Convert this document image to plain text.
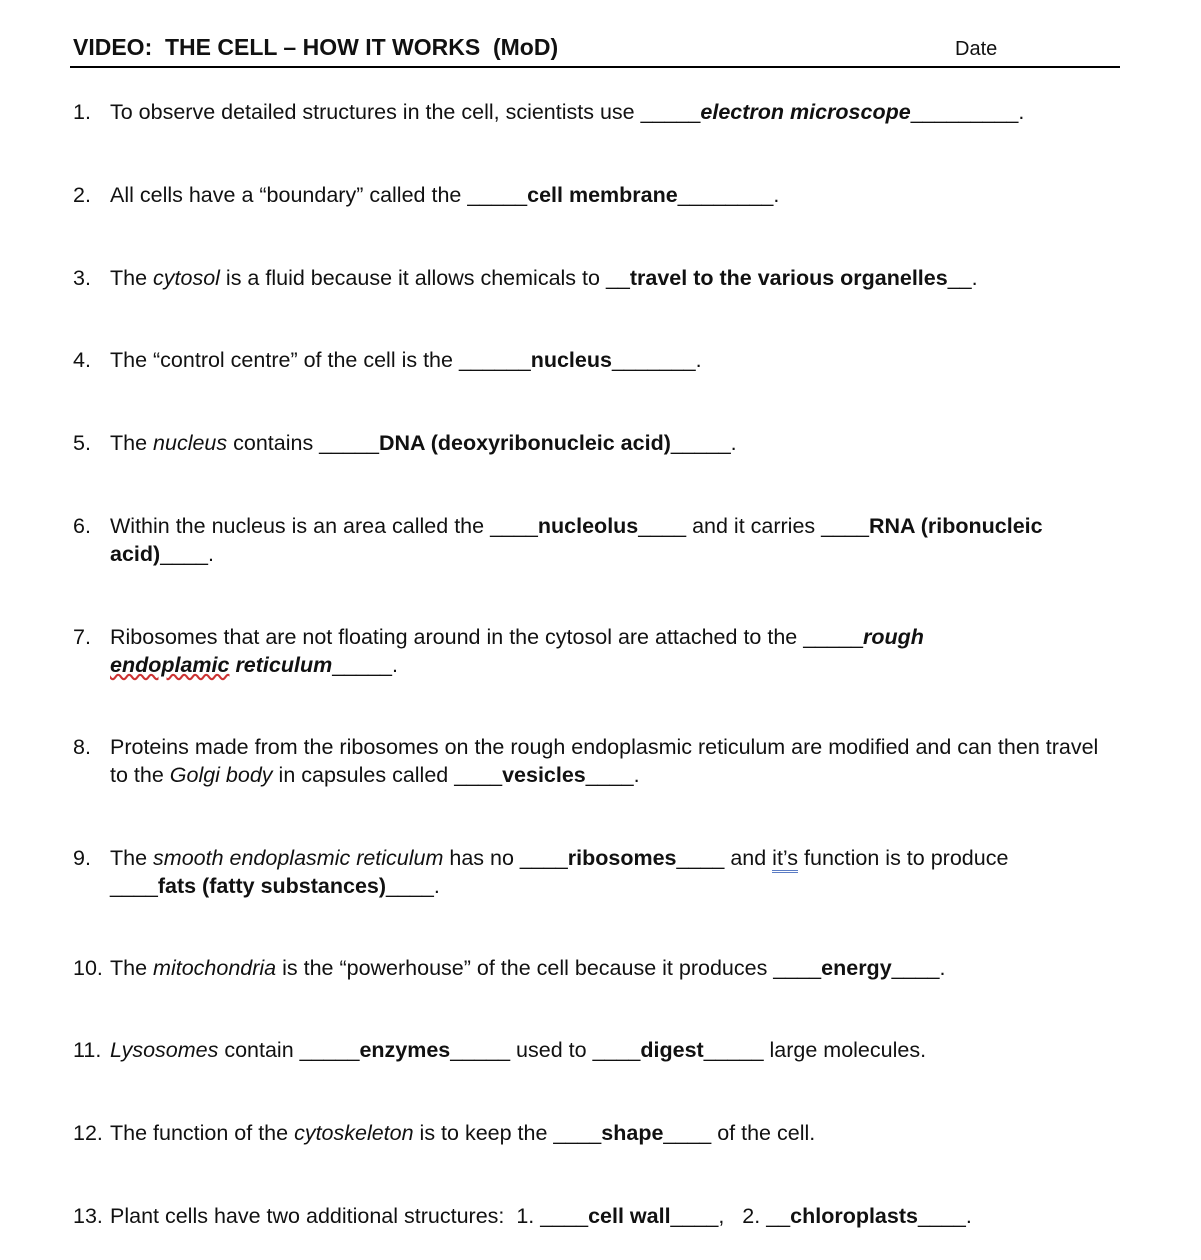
VIDEO:  THE CELL – HOW IT WORKS  (MoD)	Date
1. To observe detailed structures in the cell, scientists use _____electron microscope_________.
2. All cells have a “boundary” called the _____cell membrane________.
3. The cytosol is a fluid because it allows chemicals to __travel to the various organelles__.
4. The “control centre” of the cell is the ______nucleus_______.
5. The nucleus contains _____DNA (deoxyribonucleic acid)_____.
6. Within the nucleus is an area called the ____nucleolus____ and it carries ____RNA (ribonucleic acid)____.
7. Ribosomes that are not floating around in the cytosol are attached to the _____rough
endoplamic reticulum_____.
8. Proteins made from the ribosomes on the rough endoplasmic reticulum are modified and can then travel to the Golgi body in capsules called ____vesicles____.
9. The smooth endoplasmic reticulum has no ____ribosomes____ and it’s function is to produce
____fats (fatty substances)____.
10. The mitochondria is the “powerhouse” of the cell because it produces ____energy____.
11. Lysosomes contain _____enzymes_____ used to ____digest_____ large molecules.
12. The function of the cytoskeleton is to keep the ____shape____ of the cell.
13. Plant cells have two additional structures:  1. ____cell wall____,   2. __chloroplasts____.
